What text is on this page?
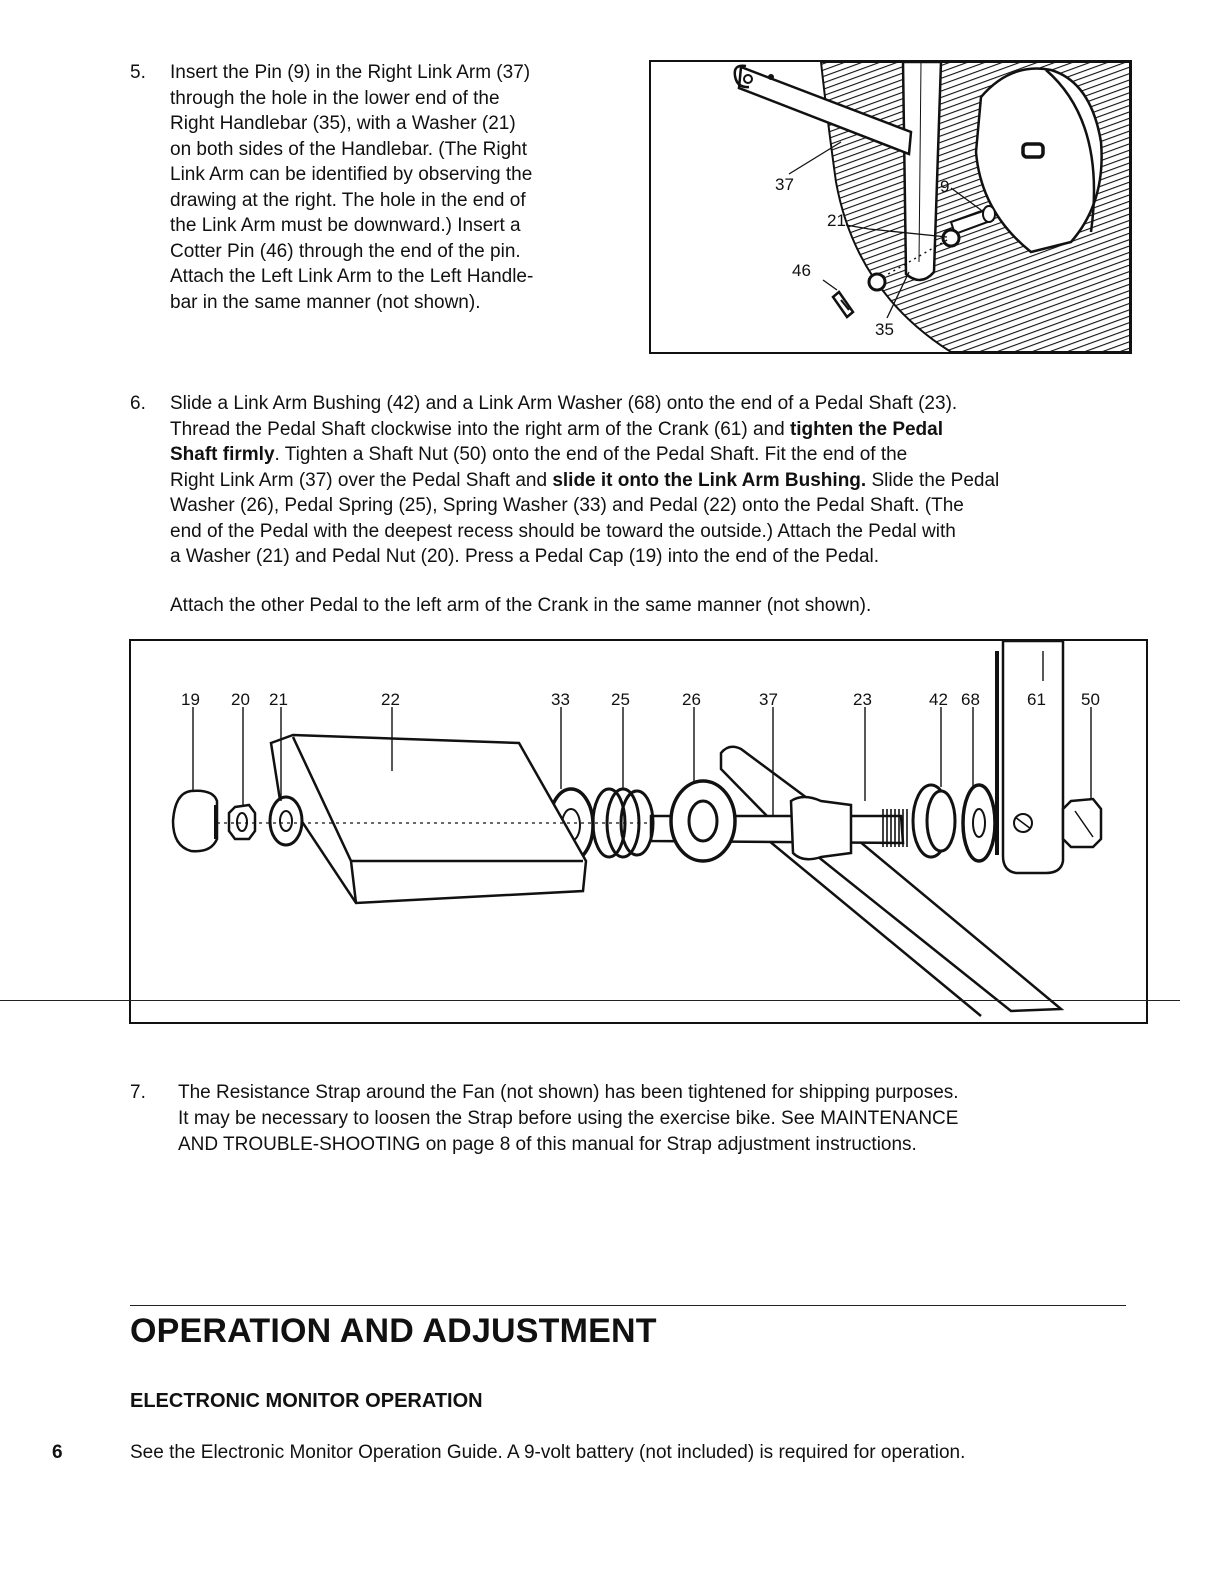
5. Insert the Pin (9) in the Right Link Arm (37)

through the hole in the lower end of the

Right Handlebar (35), with a Washer (21)

on both sides of the Handlebar. (The Right

Link Arm can be identified by observing the

drawing at the right. The hole in the end of

the Link Arm must be downward.) Insert a

Cotter Pin (46) through the end of the pin.

Attach the Left Link Arm to the Left Handle-

bar in the same manner (not shown).

37	9
21
46
35
6. Slide a Link Arm Bushing (42) and a Link Arm Washer (68) onto the end of a Pedal Shaft (23).

Thread the Pedal Shaft clockwise into the right arm of the Crank (61) and tighten the Pedal

Shaft firmly. Tighten a Shaft Nut (50) onto the end of the Pedal Shaft. Fit the end of the

Right Link Arm (37) over the Pedal Shaft and slide it onto the Link Arm Bushing. Slide the Pedal

Washer (26), Pedal Spring (25), Spring Washer (33) and Pedal (22) onto the Pedal Shaft. (The

end of the Pedal with the deepest recess should be toward the outside.) Attach the Pedal with

a Washer (21) and Pedal Nut (20). Press a Pedal Cap (19) into the end of the Pedal.

Attach the other Pedal to the left arm of the Crank in the same manner (not shown).

19 20 21	22	33 25	26	37	23	42 68	61 50
7. The Resistance Strap around the Fan (not shown) has been tightened for shipping purposes.

It may be necessary to loosen the Strap before using the exercise bike. See MAINTENANCE

AND TROUBLE-SHOOTING on page 8 of this manual for Strap adjustment instructions.

OPERATION AND ADJUSTMENT
ELECTRONIC MONITOR OPERATION
6	See the Electronic Monitor Operation Guide. A 9-volt battery (not included) is required for operation.
